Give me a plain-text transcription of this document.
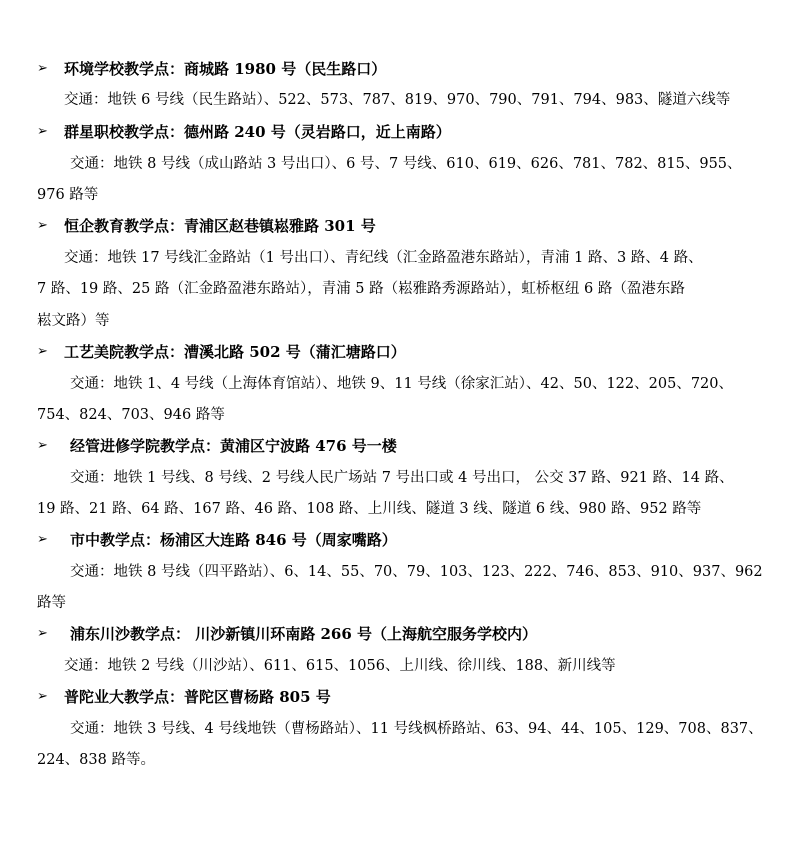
➢ 环境学校教学点：商城路 1980 号（民生路口）
交通：地铁 6 号线（民生路站）、522、573、787、819、970、790、791、794、983、隧道六线等
➢ 群星职校教学点：德州路 240 号（灵岩路口，近上南路）
交通：地铁 8 号线（成山路站 3 号出口）、6 号、7 号线、610、619、626、781、782、815、955、
976 路等
➢ 恒企教育教学点：青浦区赵巷镇崧雅路 301 号
交通：地铁 17 号线汇金路站（1 号出口）、青纪线（汇金路盈港东路站），青浦 1 路、3 路、4 路、
7 路、19 路、25 路（汇金路盈港东路站），青浦 5 路（崧雅路秀源路站），虹桥枢纽 6 路（盈港东路
崧文路）等
➢ 工艺美院教学点：漕溪北路 502 号（蒲汇塘路口）
交通：地铁 1、4 号线（上海体育馆站）、地铁 9、11 号线（徐家汇站）、42、50、122、205、720、
754、824、703、946 路等
➢ 经管进修学院教学点：黄浦区宁波路 476 号一楼
交通：地铁 1 号线、8 号线、2 号线人民广场站 7 号出口或 4 号出口， 公交 37 路、921 路、14 路、
19 路、21 路、64 路、167 路、46 路、108 路、上川线、隧道 3 线、隧道 6 线、980 路、952 路等
➢ 市中教学点：杨浦区大连路 846 号（周家嘴路）
交通：地铁 8 号线（四平路站）、6、14、55、70、79、103、123、222、746、853、910、937、962
路等
➢ 浦东川沙教学点： 川沙新镇川环南路 266 号（上海航空服务学校内）
交通：地铁 2 号线（川沙站）、611、615、1056、上川线、徐川线、188、新川线等
➢ 普陀业大教学点：普陀区曹杨路 805 号
交通：地铁 3 号线、4 号线地铁（曹杨路站）、11 号线枫桥路站、63、94、44、105、129、708、837、
224、838 路等。
